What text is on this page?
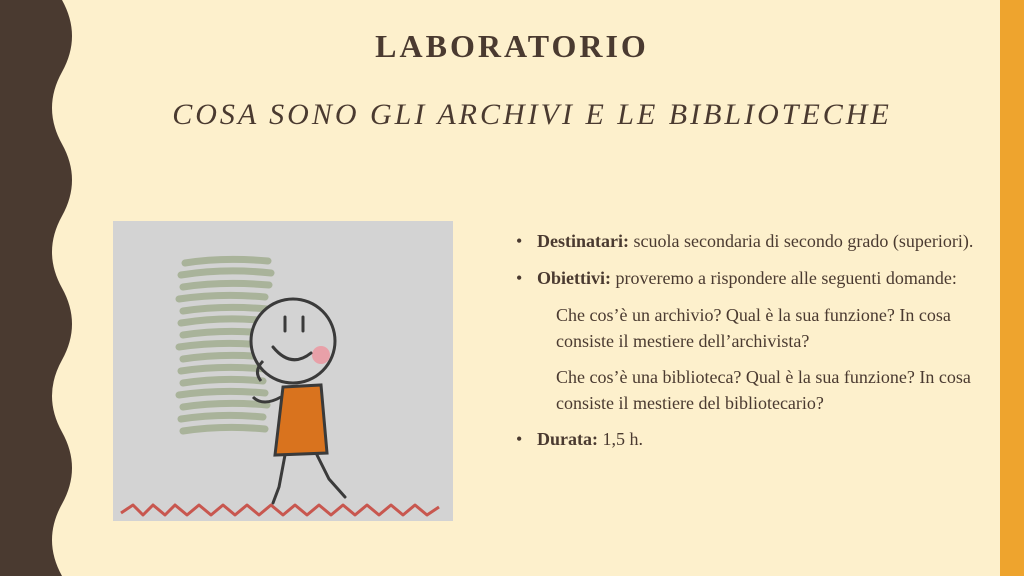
LABORATORIO
COSA SONO GLI ARCHIVI E LE BIBLIOTECHE
• Destinatari: scuola secondaria di secondo grado (superiori).
• Obiettivi: proveremo a rispondere alle seguenti domande:
Che cos’è un archivio? Qual è la sua funzione? In cosa consiste il mestiere dell’archivista?
Che cos’è una biblioteca? Qual è la sua funzione? In cosa consiste il mestiere del bibliotecario?
• Durata: 1,5 h.
